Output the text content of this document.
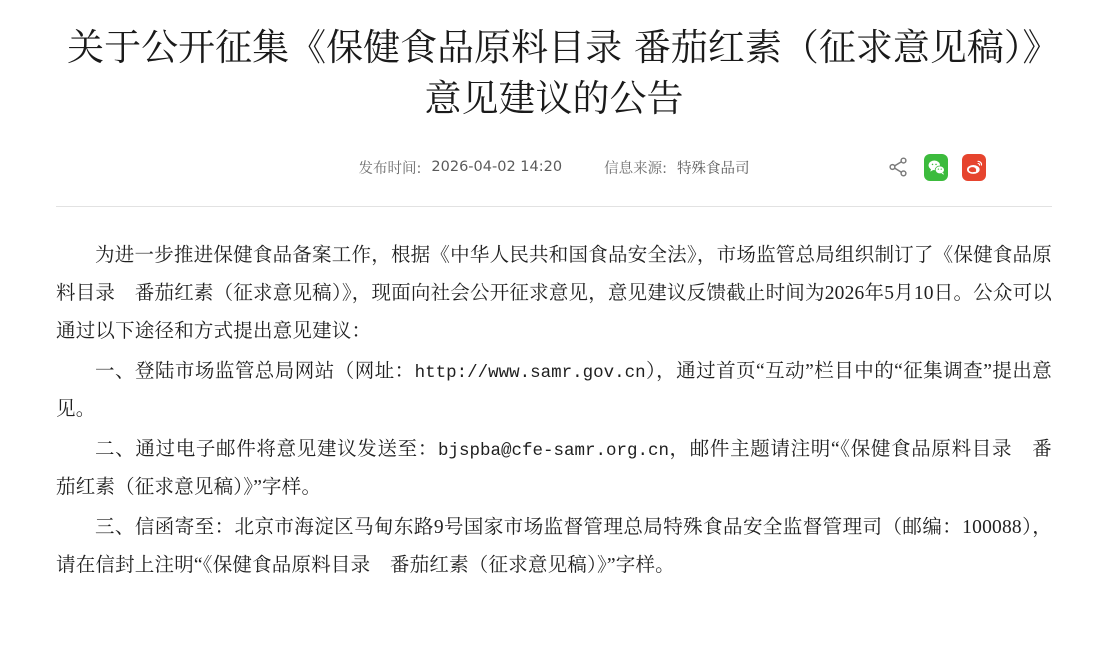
关于公开征集《保健食品原料目录 番茄红素（征求意见稿）》意见建议的公告
发布时间: 2026-04-02 14:20	信息来源: 特殊食品司

为进一步推进保健食品备案工作，根据《中华人民共和国食品安全法》，市场监管总局组织制订了《保健食品原料目录　番茄红素（征求意见稿）》，现面向社会公开征求意见，意见建议反馈截止时间为2026年5月10日。公众可以通过以下途径和方式提出意见建议：

一、登陆市场监管总局网站（网址：http://www.samr.gov.cn），通过首页“互动”栏目中的“征集调查”提出意见。

二、通过电子邮件将意见建议发送至：bjspba@cfe-samr.org.cn，邮件主题请注明“《保健食品原料目录　番茄红素（征求意见稿）》”字样。

三、信函寄至：北京市海淀区马甸东路9号国家市场监督管理总局特殊食品安全监督管理司（邮编：100088），请在信封上注明“《保健食品原料目录　番茄红素（征求意见稿）》”字样。
